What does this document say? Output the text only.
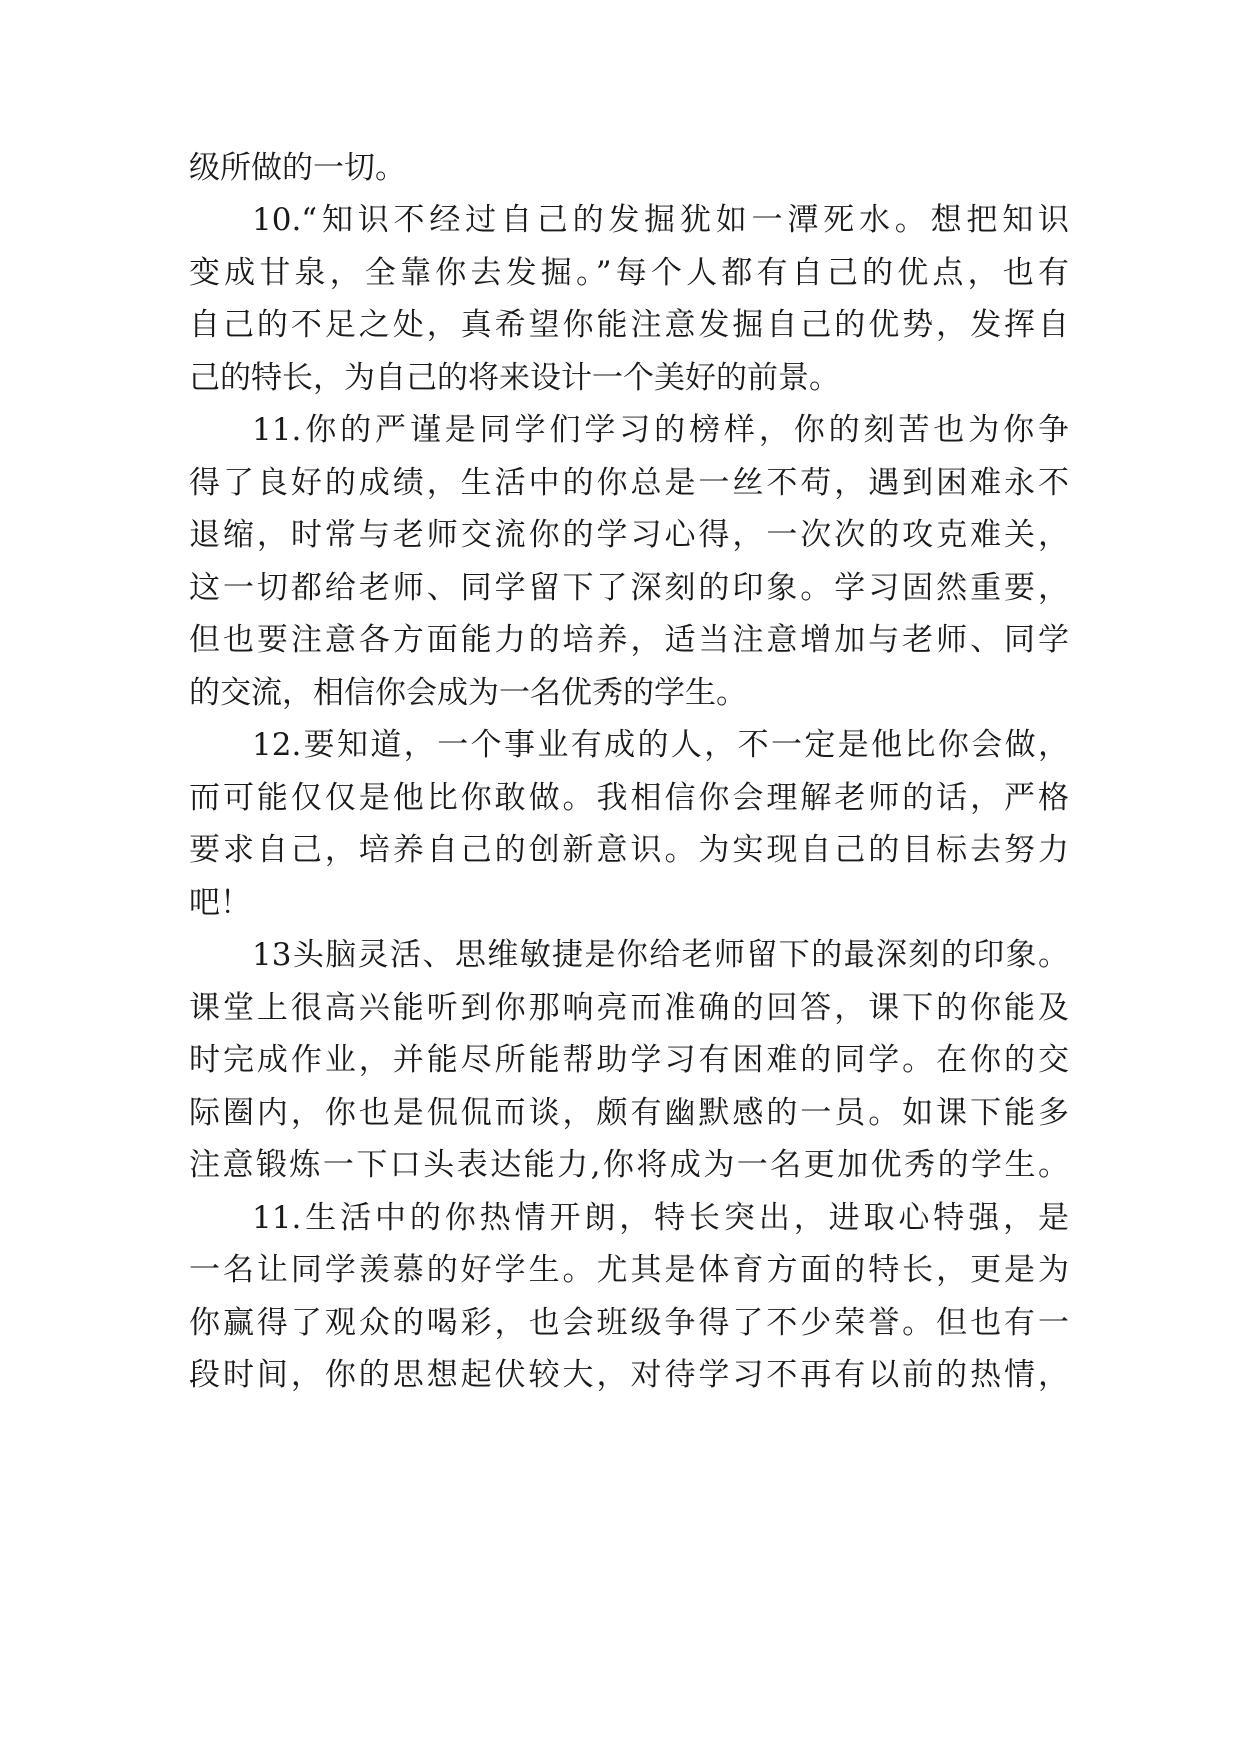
级所做的一切。
10.“知识不经过自己的发掘犹如一潭死水。想把知识
变成甘泉，全靠你去发掘。”每个人都有自己的优点，也有
自己的不足之处，真希望你能注意发掘自己的优势，发挥自
己的特长，为自己的将来设计一个美好的前景。
11.你的严谨是同学们学习的榜样，你的刻苦也为你争
得了良好的成绩，生活中的你总是一丝不苟，遇到困难永不
退缩，时常与老师交流你的学习心得，一次次的攻克难关，
这一切都给老师、同学留下了深刻的印象。学习固然重要，
但也要注意各方面能力的培养，适当注意增加与老师、同学
的交流，相信你会成为一名优秀的学生。
12.要知道，一个事业有成的人，不一定是他比你会做，
而可能仅仅是他比你敢做。我相信你会理解老师的话，严格
要求自己，培养自己的创新意识。为实现自己的目标去努力
吧！
13头脑灵活、思维敏捷是你给老师留下的最深刻的印象。
课堂上很高兴能听到你那响亮而准确的回答，课下的你能及
时完成作业，并能尽所能帮助学习有困难的同学。在你的交
际圈内，你也是侃侃而谈，颇有幽默感的一员。如课下能多
注意锻炼一下口头表达能力,你将成为一名更加优秀的学生。
11.生活中的你热情开朗，特长突出，进取心特强，是
一名让同学羡慕的好学生。尤其是体育方面的特长，更是为
你赢得了观众的喝彩，也会班级争得了不少荣誉。但也有一
段时间，你的思想起伏较大，对待学习不再有以前的热情，
